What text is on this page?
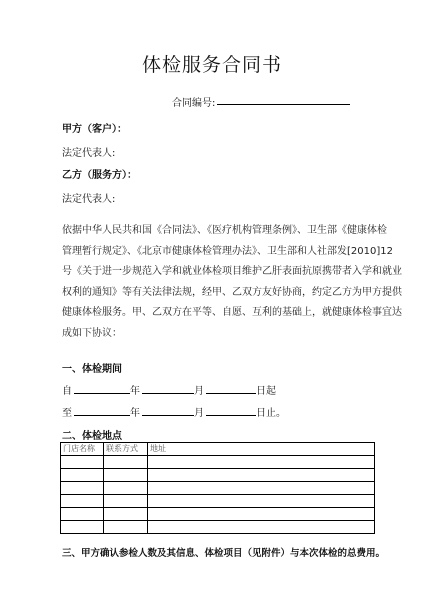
体检服务合同书
合同编号:
甲方（客户）：
法定代表人:
乙方（服务方）：
法定代表人:
依据中华人民共和国《合同法》、《医疗机构管理条例》、卫生部《健康体检
管理暂行规定》、《北京市健康体检管理办法》、卫生部和人社部发[2010]12
号《关于进一步规范入学和就业体检项目维护乙肝表面抗原携带者入学和就业
权利的通知》等有关法律法规，经甲、乙双方友好协商，约定乙方为甲方提供
健康体检服务。甲、乙双方在平等、自愿、互利的基础上，就健康体检事宜达
成如下协议：
一、体检期间
自	年	月	日起
至	年	月	日止。
二、体检地点
门店名称	联系方式	地址

三、甲方确认参检人数及其信息、体检项目（见附件）与本次体检的总费用。
